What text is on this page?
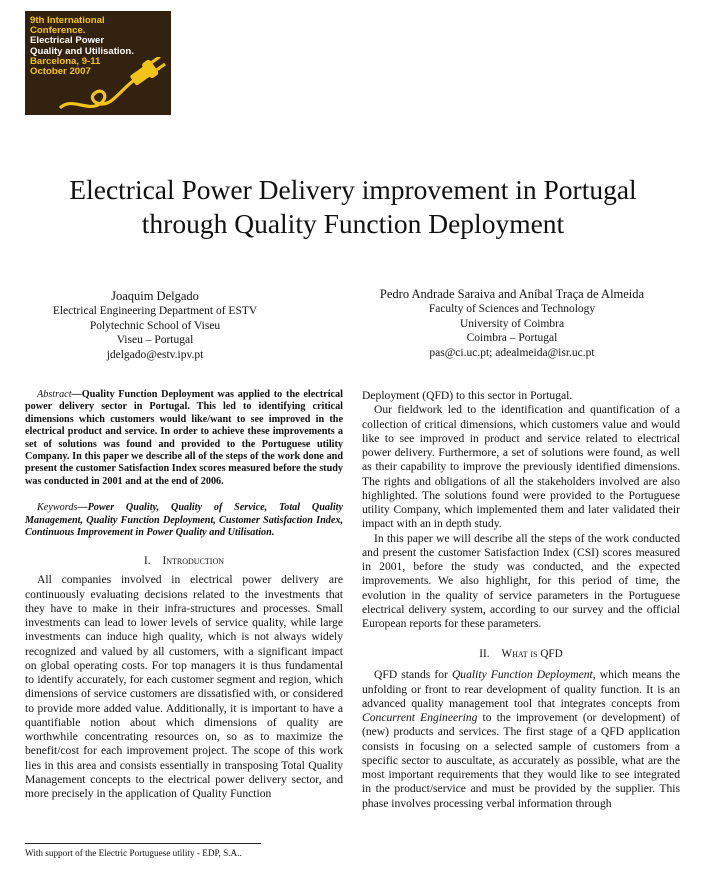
9th International
Conference.
Electrical Power
Quality and Utilisation.
Barcelona, 9-11
October 2007
Electrical Power Delivery improvement in Portugal
through Quality Function Deployment
Joaquim Delgado
Electrical Engineering Department of ESTV
Polytechnic School of Viseu
Viseu – Portugal
jdelgado@estv.ipv.pt
Pedro Andrade Saraiva and Aníbal Traça de Almeida
Faculty of Sciences and Technology
University of Coimbra
Coimbra – Portugal
pas@ci.uc.pt; adealmeida@isr.uc.pt

Abstract—Quality Function Deployment was applied to the electrical power delivery sector in Portugal. This led to identifying critical dimensions which customers would like/want to see improved in the electrical product and service. In order to achieve these improvements a set of solutions was found and provided to the Portuguese utility Company. In this paper we describe all of the steps of the work done and present the customer Satisfaction Index scores measured before the study was conducted in 2001 and at the end of 2006.

Keywords—Power Quality, Quality of Service, Total Quality Management, Quality Function Deployment, Customer Satisfaction Index, Continuous Improvement in Power Quality and Utilisation.

I. Introduction

All companies involved in electrical power delivery are continuously evaluating decisions related to the investments that they have to make in their infra-structures and processes. Small investments can lead to lower levels of service quality, while large investments can induce high quality, which is not always widely recognized and valued by all customers, with a significant impact on global operating costs. For top managers it is thus fundamental to identify accurately, for each customer segment and region, which dimensions of service customers are dissatisfied with, or considered to provide more added value. Additionally, it is important to have a quantifiable notion about which dimensions of quality are worthwhile concentrating resources on, so as to maximize the benefit/cost for each improvement project. The scope of this work lies in this area and consists essentially in transposing Total Quality Management concepts to the electrical power delivery sector, and more precisely in the application of Quality Function

Deployment (QFD) to this sector in Portugal.

Our fieldwork led to the identification and quantification of a collection of critical dimensions, which customers value and would like to see improved in product and service related to electrical power delivery. Furthermore, a set of solutions were found, as well as their capability to improve the previously identified dimensions. The rights and obligations of all the stakeholders involved are also highlighted. The solutions found were provided to the Portuguese utility Company, which implemented them and later validated their impact with an in depth study.

In this paper we will describe all the steps of the work conducted and present the customer Satisfaction Index (CSI) scores measured in 2001, before the study was conducted, and the expected improvements. We also highlight, for this period of time, the evolution in the quality of service parameters in the Portuguese electrical delivery system, according to our survey and the official European reports for these parameters.

II. What is QFD

QFD stands for Quality Function Deployment, which means the unfolding or front to rear development of quality function. It is an advanced quality management tool that integrates concepts from Concurrent Engineering to the improvement (or development) of (new) products and services. The first stage of a QFD application consists in focusing on a selected sample of customers from a specific sector to auscultate, as accurately as possible, what are the most important requirements that they would like to see integrated in the product/service and must be provided by the supplier. This phase involves processing verbal information through

With support of the Electric Portuguese utility - EDP, S.A..
